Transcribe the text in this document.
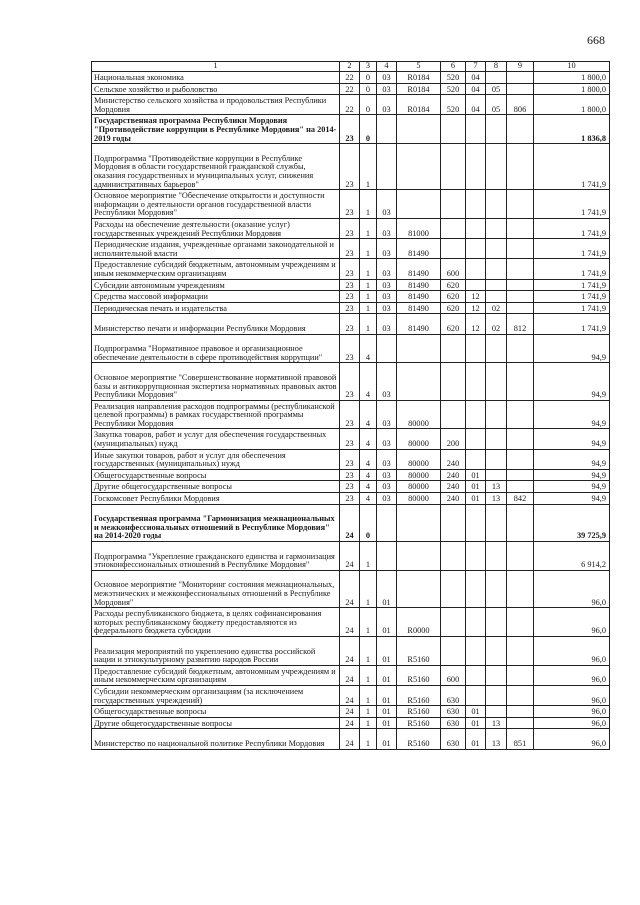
668
1	2	3	4	5	6	7	8	9	10
Национальная экономика	22	0	03	R0184	520	04			1 800,0
Сельское хозяйство и рыболовство	22	0	03	R0184	520	04	05		1 800,0
Министерство сельского хозяйства и продовольствия Республики Мордовия	22	0	03	R0184	520	04	05	806	1 800,0
Государственная программа Республики Мордовия "Противодействие коррупции в Республике Мордовия" на 2014-2019 годы	23	0							1 836,8
Подпрограмма "Противодействие коррупции в Республике Мордовия в области государственной гражданской службы, оказания государственных и муниципальных услуг, снижения административных барьеров"	23	1							1 741,9
Основное мероприятие "Обеспечение открытости и доступности информации о деятельности органов государственной власти Республики Мордовия"	23	1	03						1 741,9
Расходы на обеспечение деятельности (оказание услуг) государственных учреждений Республики Мордовия	23	1	03	81000					1 741,9
Периодические издания, учрежденные органами законодательной и исполнительной власти	23	1	03	81490					1 741,9
Предоставление субсидий бюджетным, автономным учреждениям и иным некоммерческим организациям	23	1	03	81490	600				1 741,9
Субсидии автономным учреждениям	23	1	03	81490	620				1 741,9
Средства массовой информации	23	1	03	81490	620	12			1 741,9
Периодическая печать и издательства	23	1	03	81490	620	12	02		1 741,9
Министерство печати и информации Республики Мордовия	23	1	03	81490	620	12	02	812	1 741,9
Подпрограмма "Нормативное правовое и организационное обеспечение деятельности в сфере противодействия коррупции"	23	4							94,9
Основное мероприятие "Совершенствование нормативной правовой базы и антикоррупционная экспертиза нормативных правовых актов Республики Мордовия"	23	4	03						94,9
Реализация направления расходов подпрограммы (республиканской целевой программы) в рамках государственной программы Республики Мордовия	23	4	03	80000					94,9
Закупка товаров, работ и услуг для обеспечения государственных (муниципальных) нужд	23	4	03	80000	200				94,9
Иные закупки товаров, работ и услуг для обеспечения государственных (муниципальных) нужд	23	4	03	80000	240				94,9
Общегосударственные вопросы	23	4	03	80000	240	01			94,9
Другие общегосударственные вопросы	23	4	03	80000	240	01	13		94,9
Госкомсовет Республики Мордовия	23	4	03	80000	240	01	13	842	94,9
Государственная программа "Гармонизация межнациональных и межконфессиональных отношений в Республике Мордовия" на 2014-2020 годы	24	0							39 725,9
Подпрограмма "Укрепление гражданского единства и гармонизация этноконфессиональных отношений в Республике Мордовия"	24	1							6 914,2
Основное мероприятие "Мониторинг состояния межнациональных, межэтнических и межконфессиональных отношений в Республике Мордовия"	24	1	01						96,0
Расходы республиканского бюджета, в целях софинансирования которых республиканскому бюджету предоставляются из федерального бюджета субсидии	24	1	01	R0000					96,0
Реализация мероприятий по укреплению единства российской нации и этнокультурному развитию народов России	24	1	01	R5160					96,0
Предоставление субсидий бюджетным, автономным учреждениям и иным некоммерческим организациям	24	1	01	R5160	600				96,0
Субсидии некоммерческим организациям (за исключением государственных учреждений)	24	1	01	R5160	630				96,0
Общегосударственные вопросы	24	1	01	R5160	630	01			96,0
Другие общегосударственные вопросы	24	1	01	R5160	630	01	13		96,0
Министерство по национальной политике Республики Мордовия	24	1	01	R5160	630	01	13	851	96,0
